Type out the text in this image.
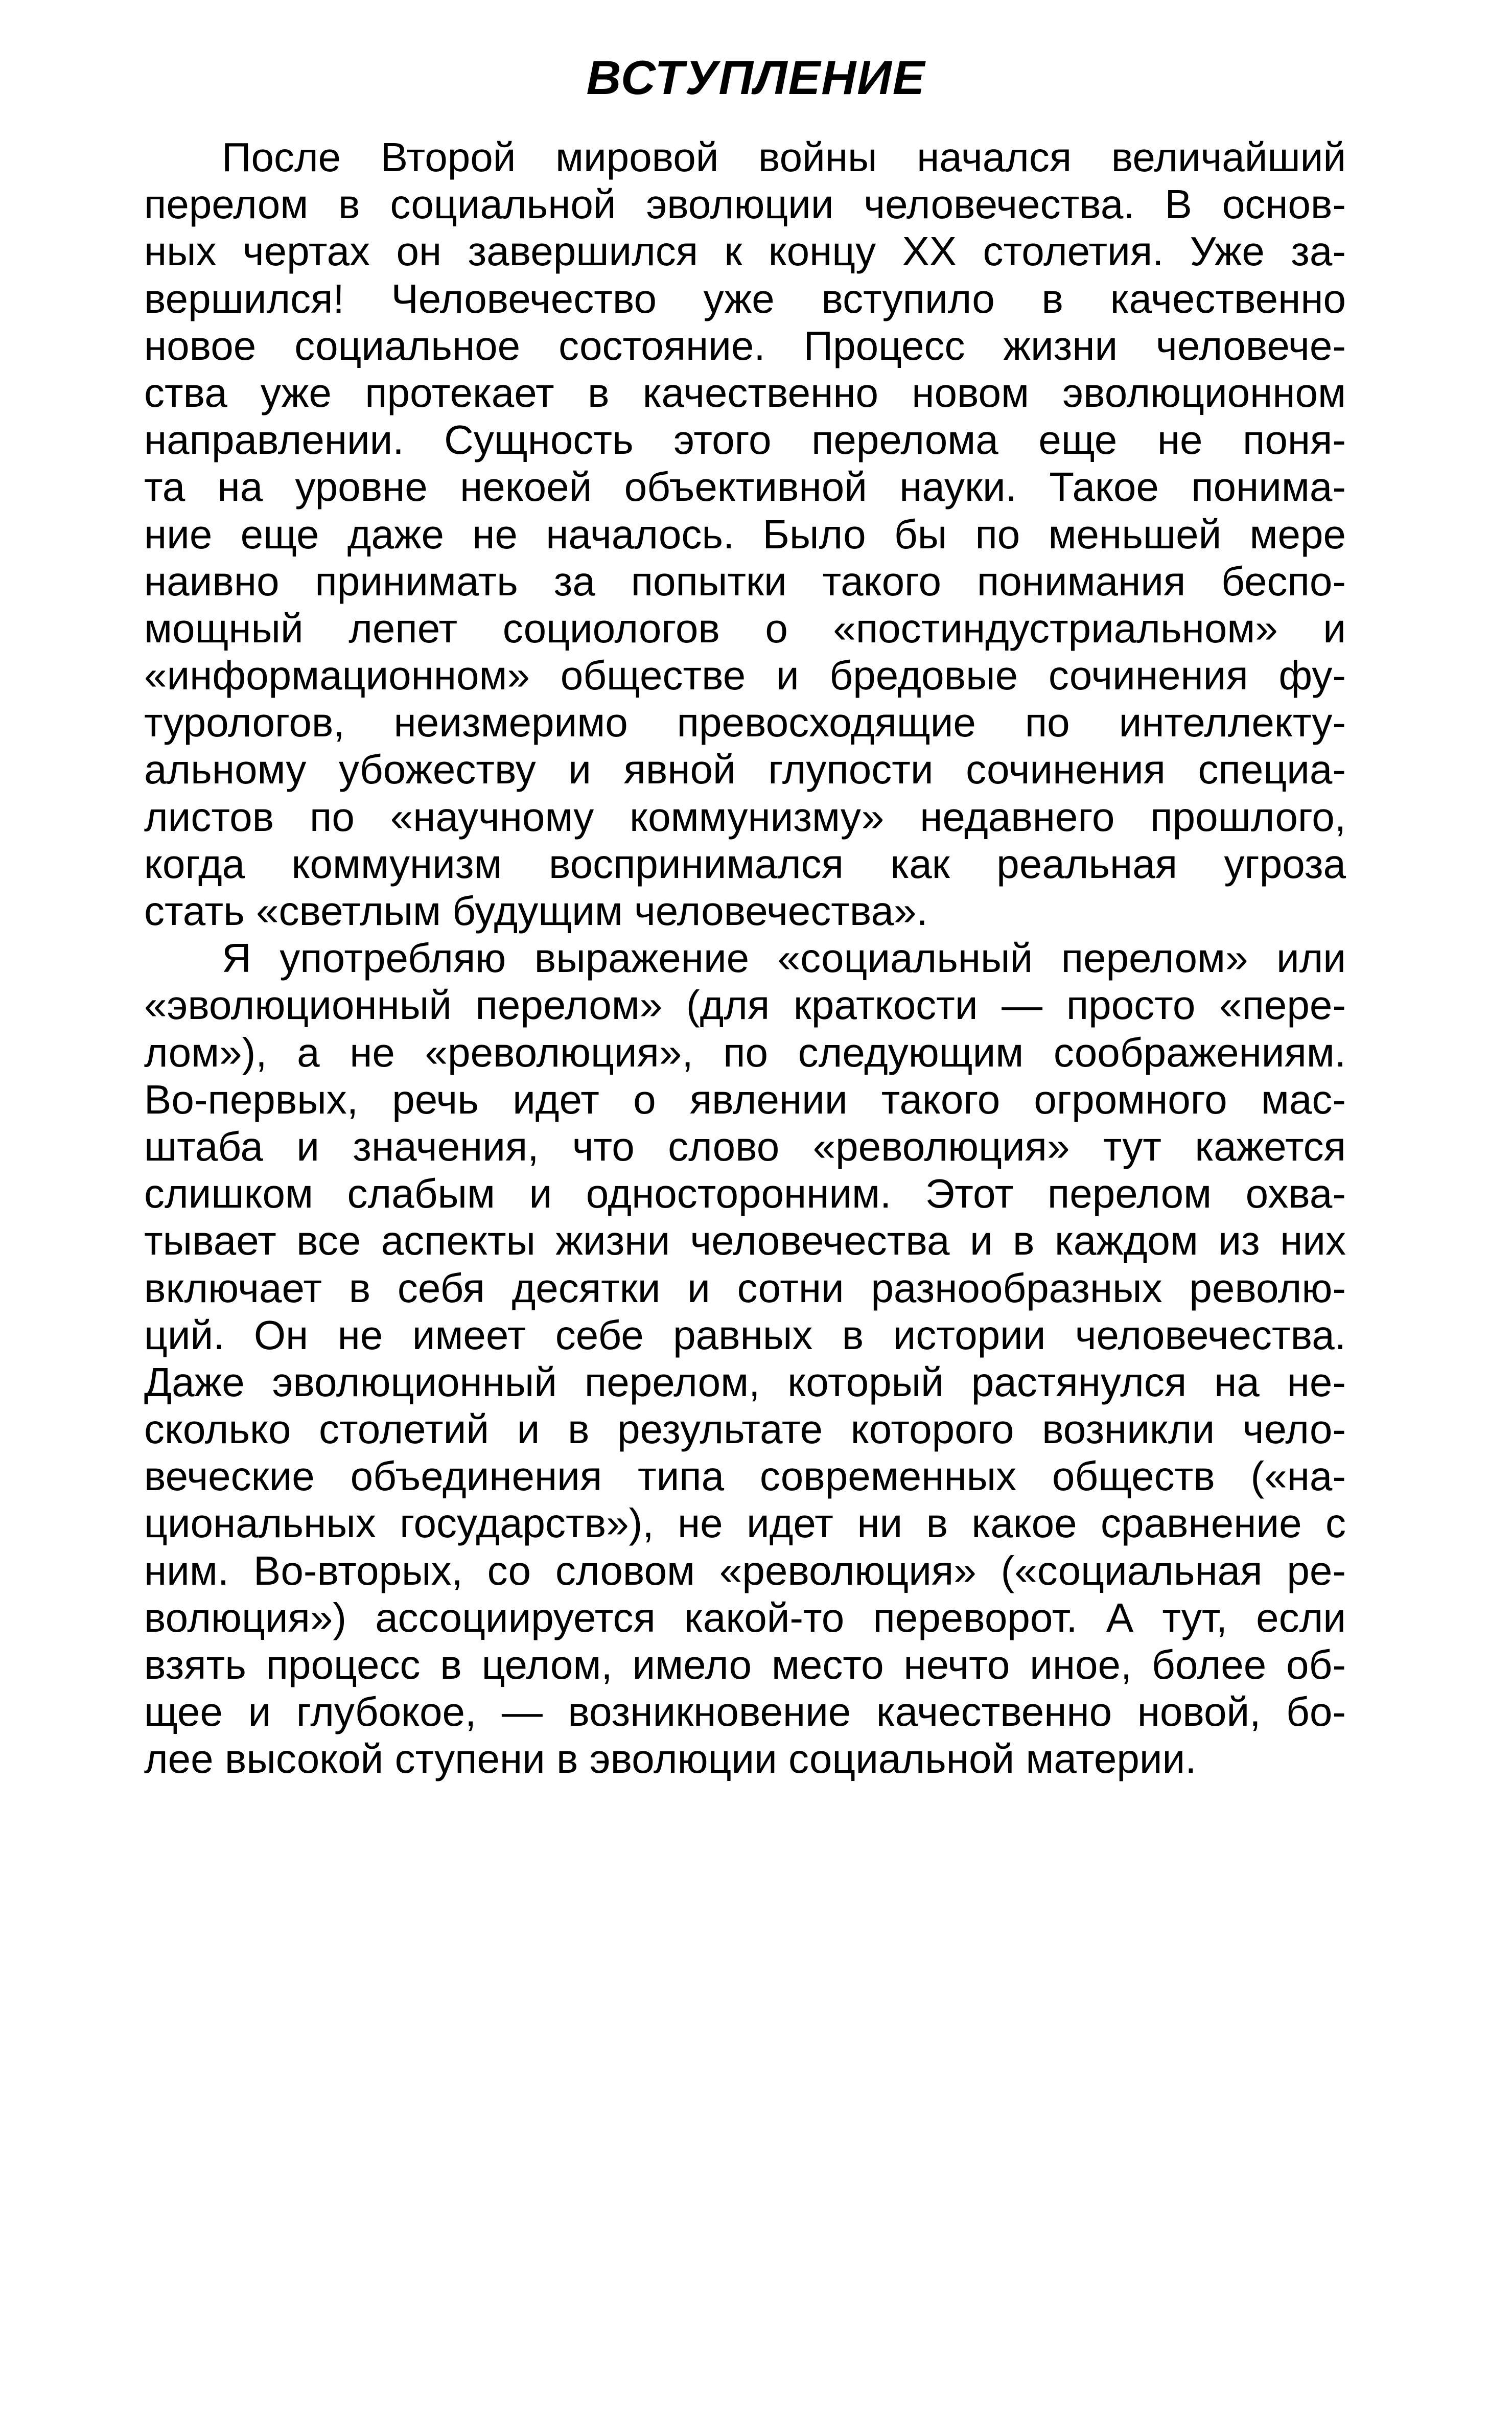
ВСТУПЛЕНИЕ
После Второй мировой войны начался величайший
перелом в социальной эволюции человечества. В основ-
ных чертах он завершился к концу XX столетия. Уже за-
вершился! Человечество уже вступило в качественно
новое социальное состояние. Процесс жизни человече-
ства уже протекает в качественно новом эволюционном
направлении. Сущность этого перелома еще не поня-
та на уровне некоей объективной науки. Такое понима-
ние еще даже не началось. Было бы по меньшей мере
наивно принимать за попытки такого понимания беспо-
мощный лепет социологов о «постиндустриальном» и
«информационном» обществе и бредовые сочинения фу-
турологов, неизмеримо превосходящие по интеллекту-
альному убожеству и явной глупости сочинения специа-
листов по «научному коммунизму» недавнего прошлого,
когда коммунизм воспринимался как реальная угроза
стать «светлым будущим человечества».
Я употребляю выражение «социальный перелом» или
«эволюционный перелом» (для краткости — просто «пере-
лом»), а не «революция», по следующим соображениям.
Во-первых, речь идет о явлении такого огромного мас-
штаба и значения, что слово «революция» тут кажется
слишком слабым и односторонним. Этот перелом охва-
тывает все аспекты жизни человечества и в каждом из них
включает в себя десятки и сотни разнообразных револю-
ций. Он не имеет себе равных в истории человечества.
Даже эволюционный перелом, который растянулся на не-
сколько столетий и в результате которого возникли чело-
веческие объединения типа современных обществ («на-
циональных государств»), не идет ни в какое сравнение с
ним. Во-вторых, со словом «революция» («социальная ре-
волюция») ассоциируется какой-то переворот. А тут, если
взять процесс в целом, имело место нечто иное, более об-
щее и глубокое, — возникновение качественно новой, бо-
лее высокой ступени в эволюции социальной материи.
